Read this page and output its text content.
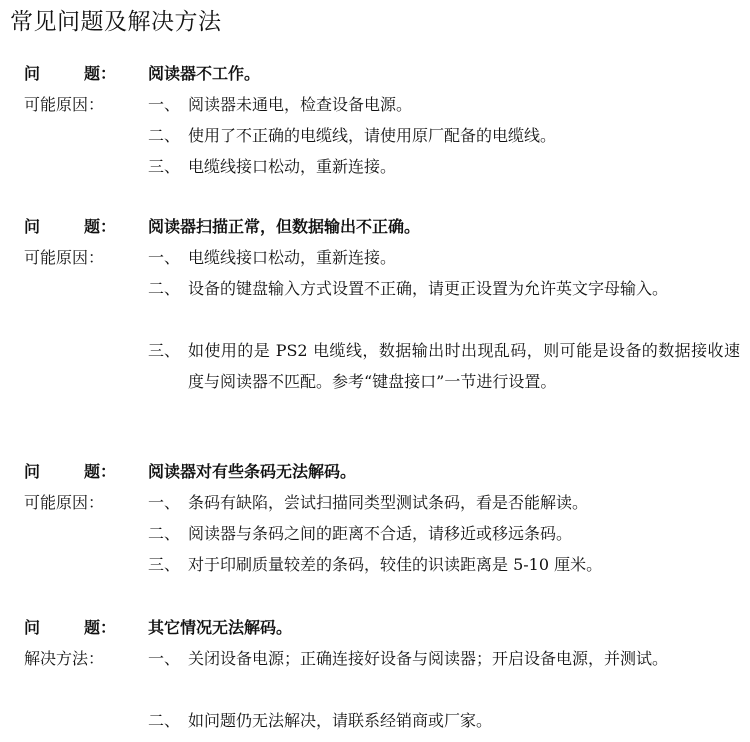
常见问题及解决方法
问	题： 阅读器不工作。
可能原因：	一、 阅读器未通电，检查设备电源。
二、 使用了不正确的电缆线，请使用原厂配备的电缆线。
三、 电缆线接口松动，重新连接。
问	题： 阅读器扫描正常，但数据输出不正确。
可能原因：	一、 电缆线接口松动，重新连接。
二、 设备的键盘输入方式设置不正确，请更正设置为允许英文字母输入。
三、 如使用的是 PS2 电缆线，数据输出时出现乱码，则可能是设备的数据接收速度与阅读器不匹配。参考“键盘接口”一节进行设置。
问	题： 阅读器对有些条码无法解码。
可能原因：	一、 条码有缺陷，尝试扫描同类型测试条码，看是否能解读。
二、 阅读器与条码之间的距离不合适，请移近或移远条码。
三、 对于印刷质量较差的条码，较佳的识读距离是 5-10 厘米。
问	题： 其它情况无法解码。
解决方法：	一、 关闭设备电源；正确连接好设备与阅读器；开启设备电源，并测试。
二、 如问题仍无法解决，请联系经销商或厂家。
